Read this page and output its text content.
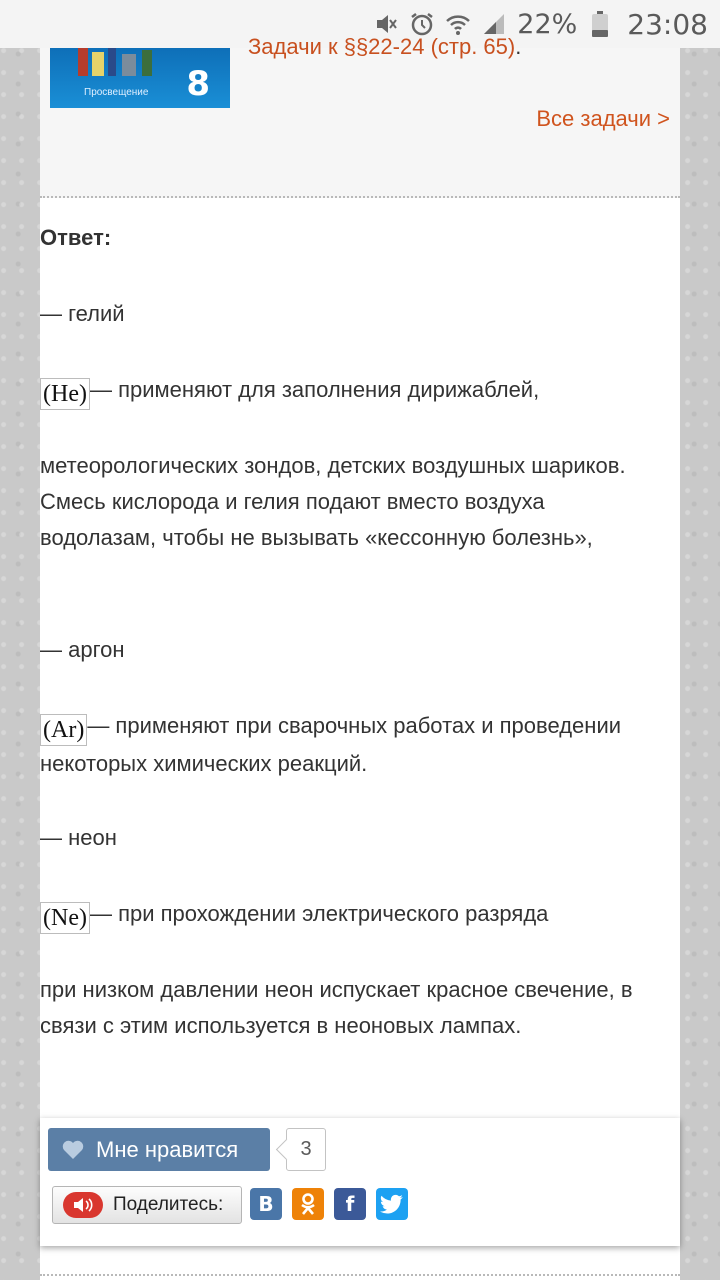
22% 23:08
Просвещение 8
Задачи к §§22-24 (стр. 65).
Все задачи >

Ответ:

— гелий

(He) — применяют для заполнения дирижаблей,

метеорологических зондов, детских воздушных шариков. Смесь кислорода и гелия подают вместо воздуха водолазам, чтобы не вызывать «кессонную болезнь»,

— аргон

(Ar) — применяют при сварочных работах и проведении некоторых химических реакций.

— неон

(Ne) — при прохождении электрического разряда

при низком давлении неон испускает красное свечение, в связи с этим используется в неоновых лампах.

Мне нравится	3
Поделитесь:	B	f
